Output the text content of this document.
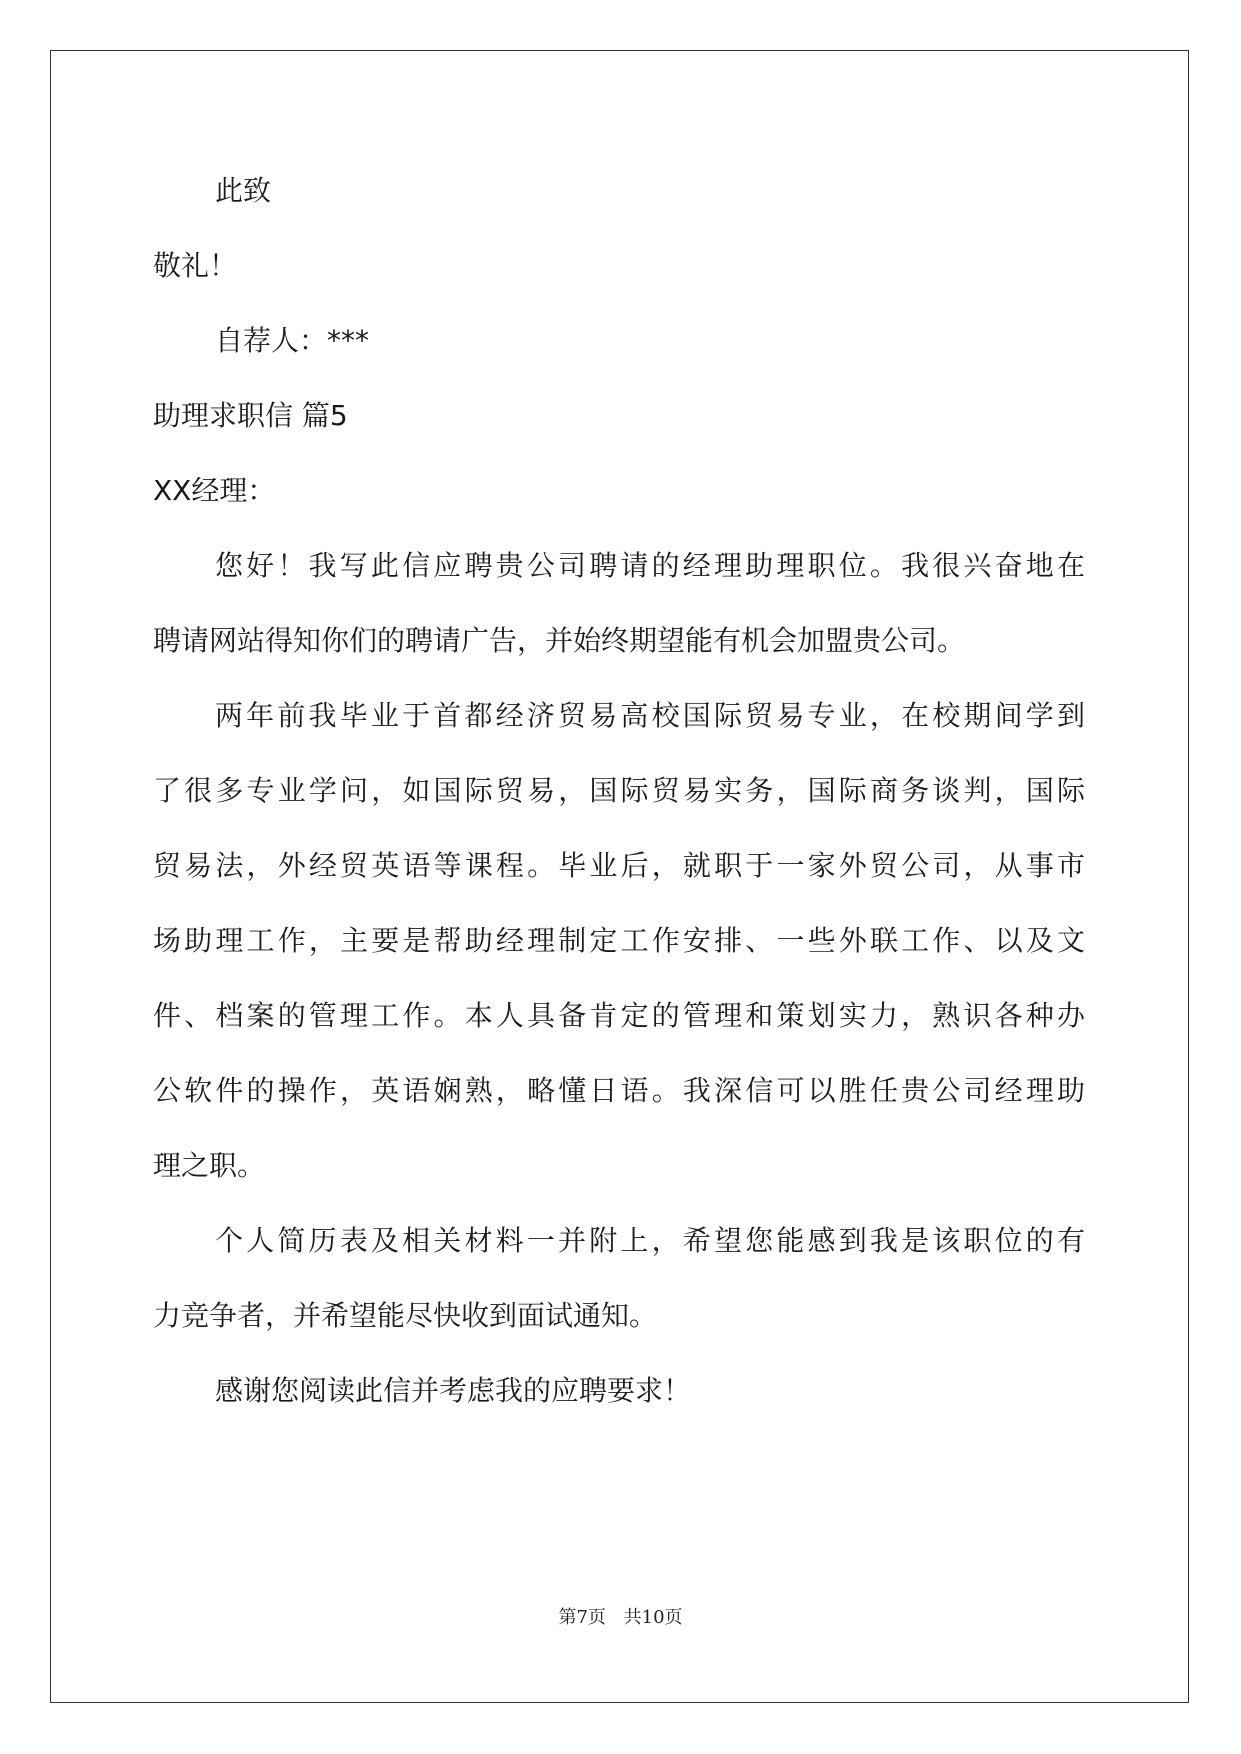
此致
敬礼！
自荐人：***
助理求职信 篇5
XX经理：
您好！我写此信应聘贵公司聘请的经理助理职位。我很兴奋地在
聘请网站得知你们的聘请广告，并始终期望能有机会加盟贵公司。
两年前我毕业于首都经济贸易高校国际贸易专业，在校期间学到
了很多专业学问，如国际贸易，国际贸易实务，国际商务谈判，国际
贸易法，外经贸英语等课程。毕业后，就职于一家外贸公司，从事市
场助理工作，主要是帮助经理制定工作安排、一些外联工作、以及文
件、档案的管理工作。本人具备肯定的管理和策划实力，熟识各种办
公软件的操作，英语娴熟，略懂日语。我深信可以胜任贵公司经理助
理之职。
个人简历表及相关材料一并附上，希望您能感到我是该职位的有
力竞争者，并希望能尽快收到面试通知。
感谢您阅读此信并考虑我的应聘要求！
第7页 共10页
